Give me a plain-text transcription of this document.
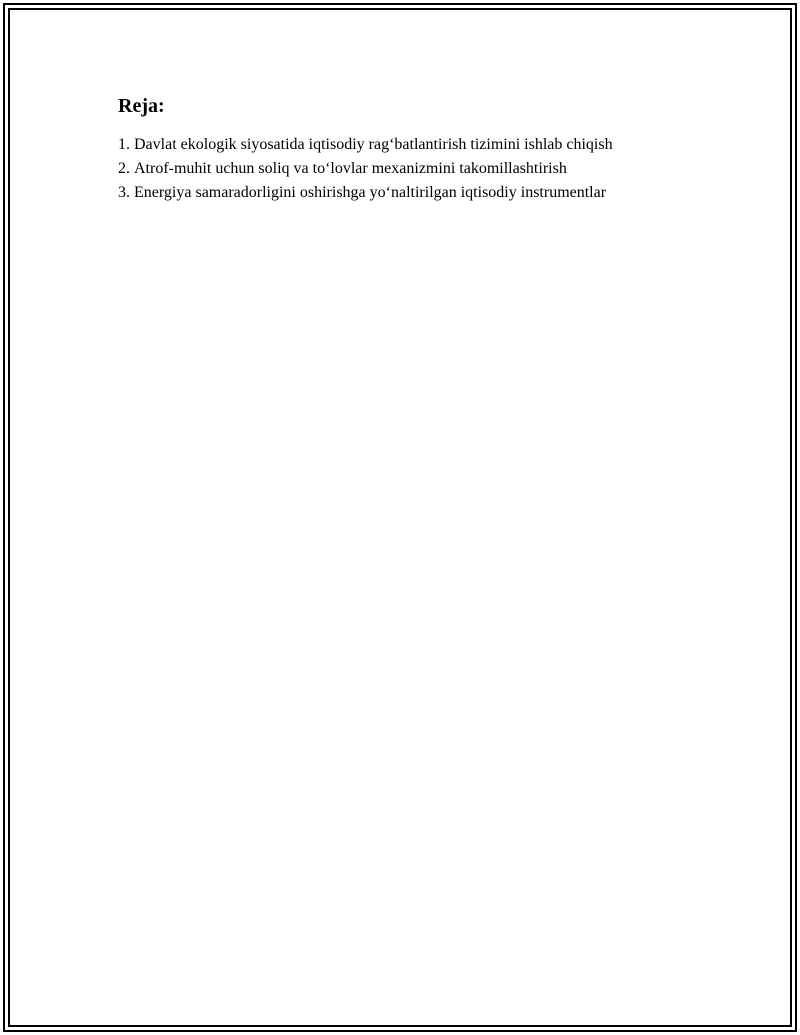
Reja:
1. Davlat ekologik siyosatida iqtisodiy rag‘batlantirish tizimini ishlab chiqish
2. Atrof-muhit uchun soliq va to‘lovlar mexanizmini takomillashtirish
3. Energiya samaradorligini oshirishga yo‘naltirilgan iqtisodiy instrumentlar
